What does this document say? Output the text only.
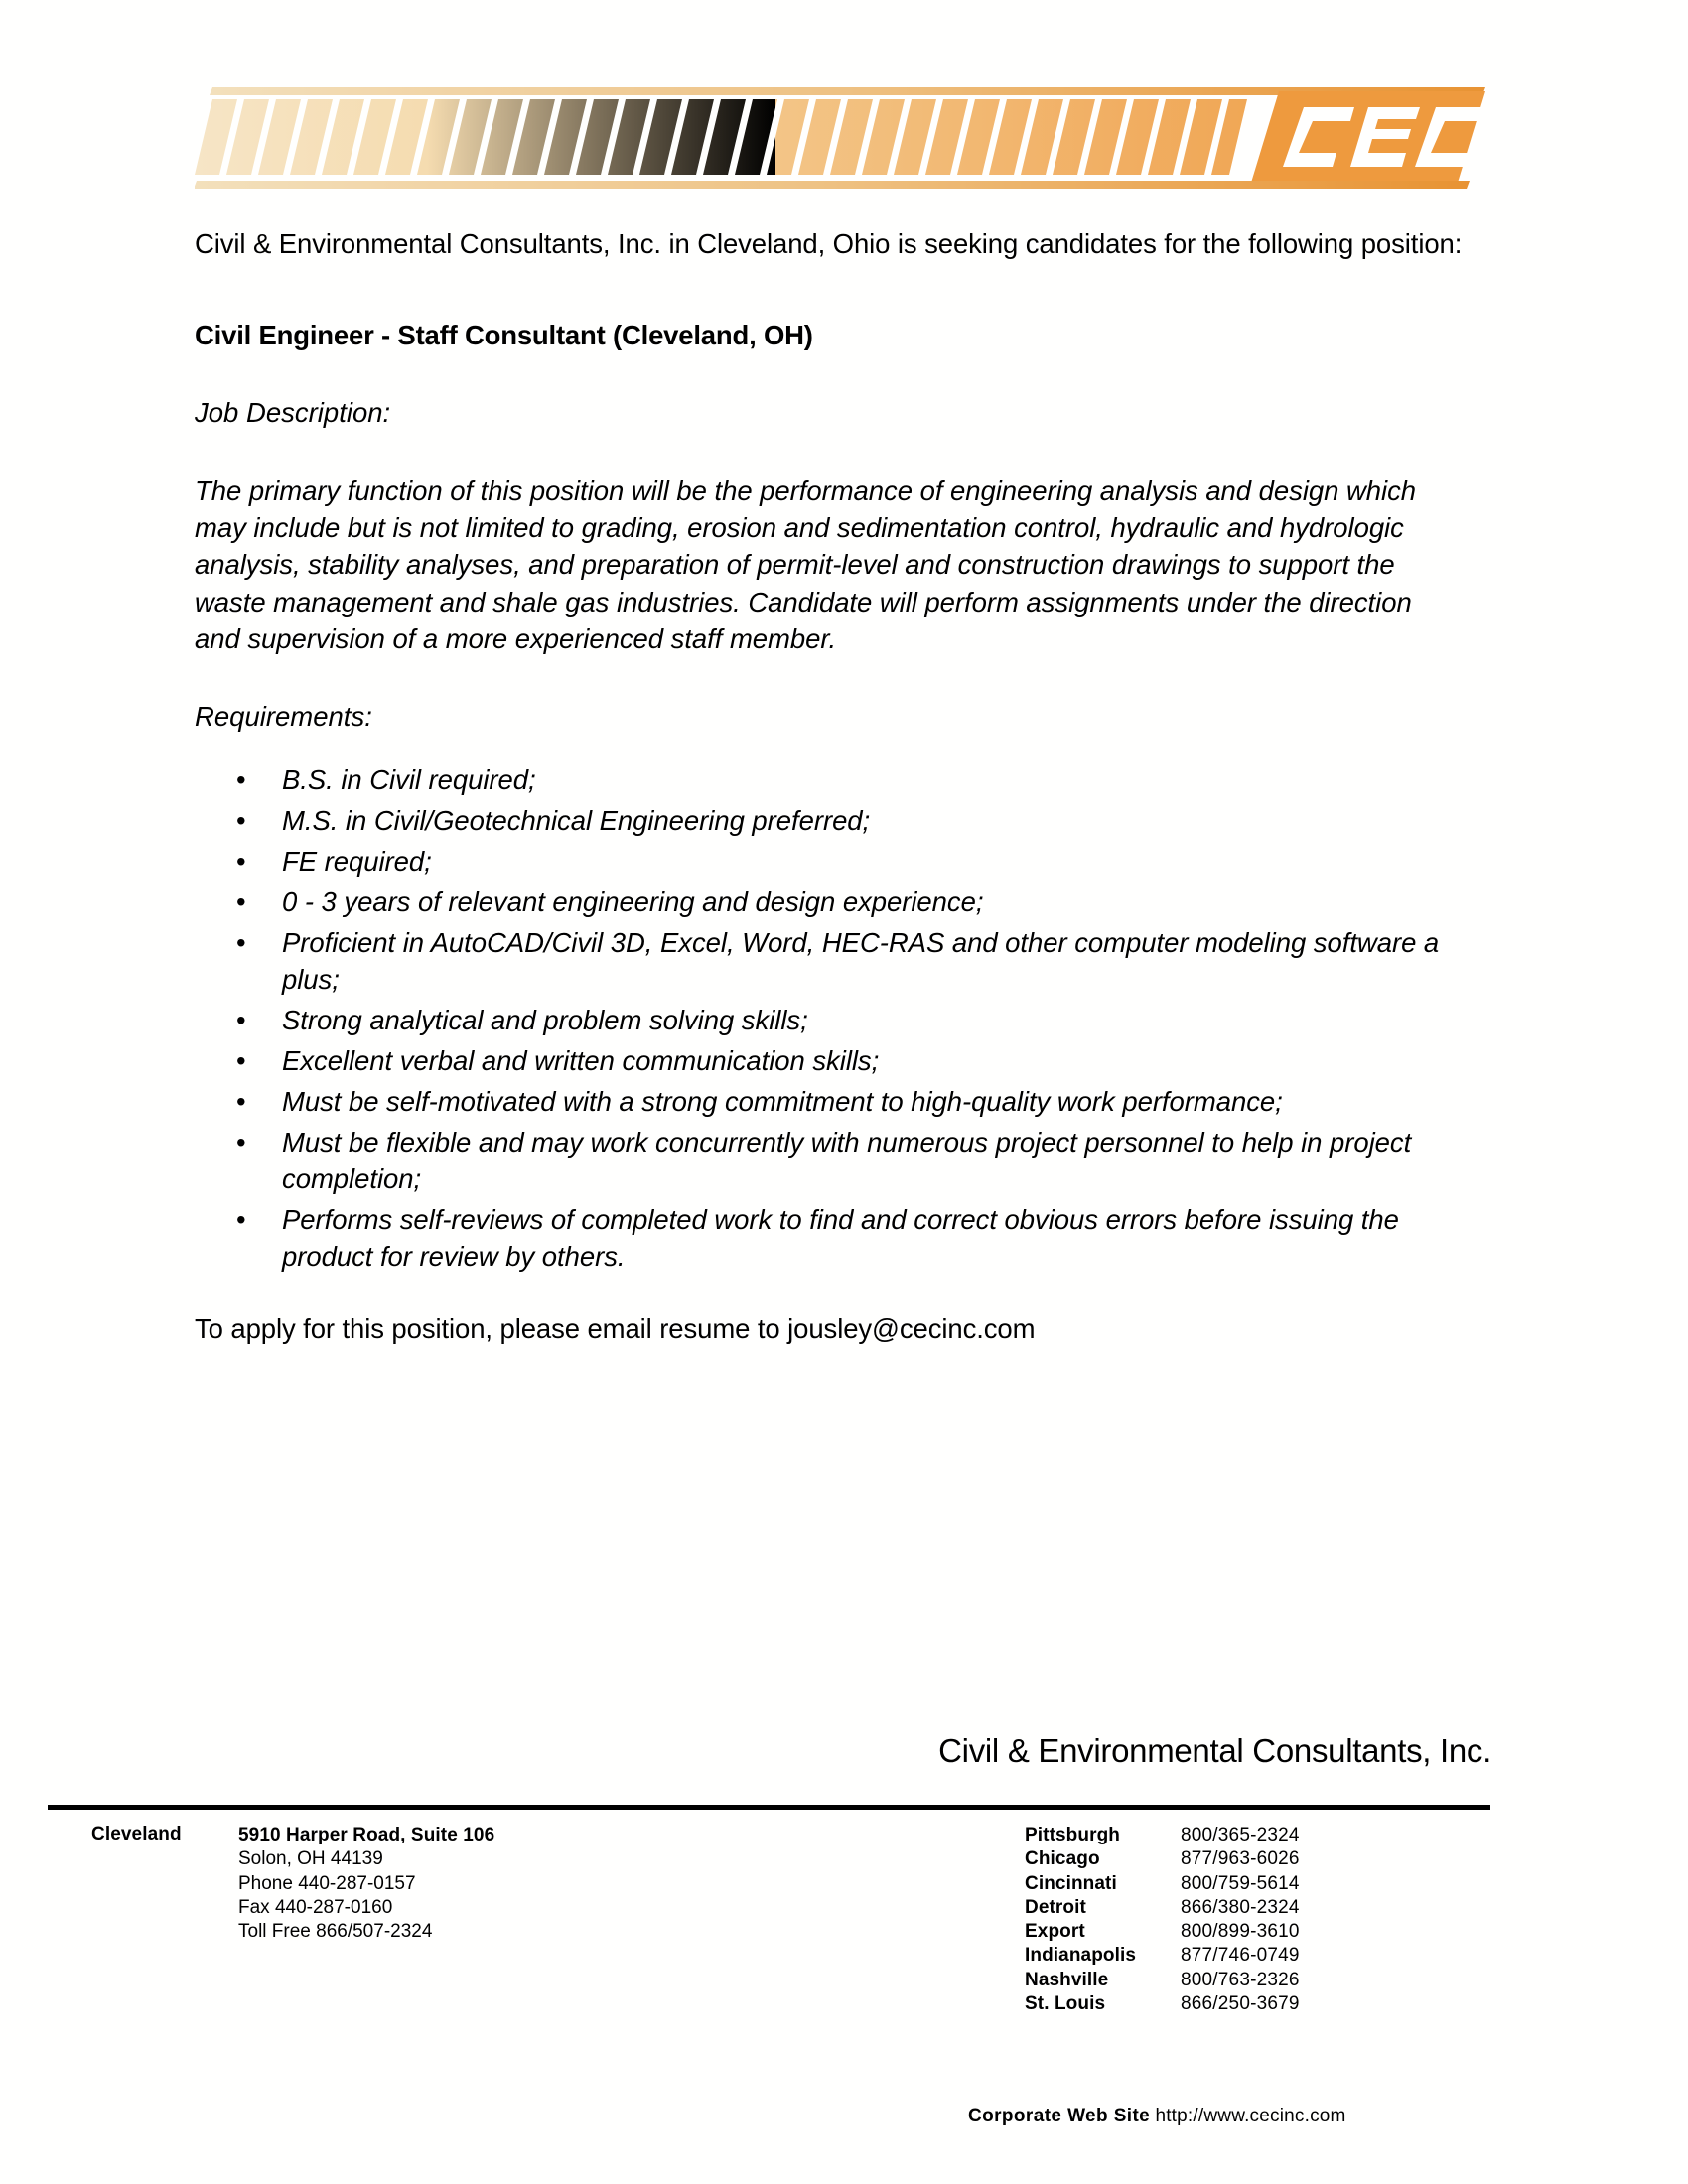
Civil & Environmental Consultants, Inc. in Cleveland, Ohio is seeking candidates for the following position:

Civil Engineer - Staff Consultant (Cleveland, OH)

Job Description:

The primary function of this position will be the performance of engineering analysis and design which may include but is not limited to grading, erosion and sedimentation control, hydraulic and hydrologic analysis, stability analyses, and preparation of permit-level and construction drawings to support the waste management and shale gas industries. Candidate will perform assignments under the direction and supervision of a more experienced staff member.

Requirements:

• B.S. in Civil required;
• M.S. in Civil/Geotechnical Engineering preferred;
• FE required;
• 0 - 3 years of relevant engineering and design experience;
• Proficient in AutoCAD/Civil 3D, Excel, Word, HEC-RAS and other computer modeling software a plus;
• Strong analytical and problem solving skills;
• Excellent verbal and written communication skills;
• Must be self-motivated with a strong commitment to high-quality work performance;
• Must be flexible and may work concurrently with numerous project personnel to help in project completion;
• Performs self-reviews of completed work to find and correct obvious errors before issuing the product for review by others.

To apply for this position, please email resume to jousley@cecinc.com

Civil & Environmental Consultants, Inc.
Cleveland	5910 Harper Road, Suite 106
Solon, OH 44139
Phone 440-287-0157
Fax 440-287-0160
Toll Free 866/507-2324
Pittsburgh	800/365-2324
Chicago	877/963-6026
Cincinnati	800/759-5614
Detroit	866/380-2324
Export	800/899-3610
Indianapolis 877/746-0749
Nashville	800/763-2326
St. Louis	866/250-3679
Corporate Web Site http://www.cecinc.com
